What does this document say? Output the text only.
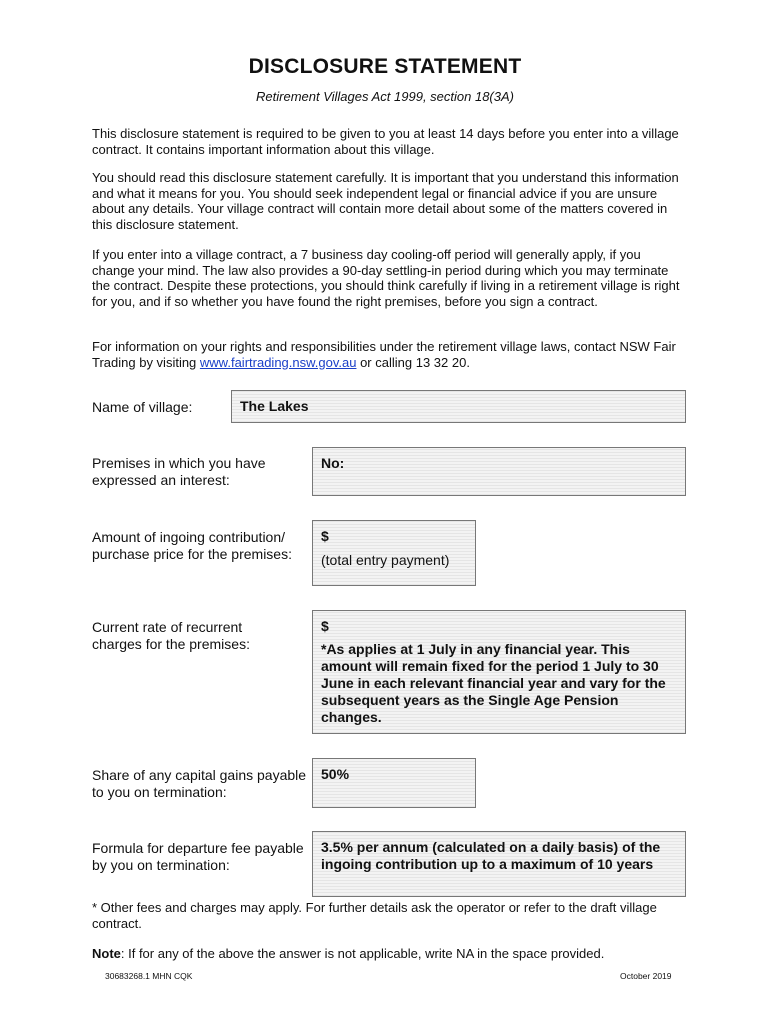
DISCLOSURE STATEMENT
Retirement Villages Act 1999, section 18(3A)

This disclosure statement is required to be given to you at least 14 days before you enter into a village contract. It contains important information about this village.

You should read this disclosure statement carefully. It is important that you understand this information and what it means for you. You should seek independent legal or financial advice if you are unsure about any details. Your village contract will contain more detail about some of the matters covered in this disclosure statement.

If you enter into a village contract, a 7 business day cooling-off period will generally apply, if you change your mind. The law also provides a 90-day settling-in period during which you may terminate the contract. Despite these protections, you should think carefully if living in a retirement village is right for you, and if so whether you have found the right premises, before you sign a contract.

For information on your rights and responsibilities under the retirement village laws, contact NSW Fair Trading by visiting www.fairtrading.nsw.gov.au or calling 13 32 20.

Name of village:	The Lakes

Premises in which you have expressed an interest:

No:

Amount of ingoing contribution/ purchase price for the premises:

$
(total entry payment)

Current rate of recurrent charges for the premises:

$
*As applies at 1 July in any financial year. This amount will remain fixed for the period 1 July to 30 June in each relevant financial year and vary for the subsequent years as the Single Age Pension changes.

Share of any capital gains payable to you on termination:

50%

Formula for departure fee payable by you on termination:

3.5% per annum (calculated on a daily basis) of the ingoing contribution up to a maximum of 10 years

* Other fees and charges may apply. For further details ask the operator or refer to the draft village contract.

Note: If for any of the above the answer is not applicable, write NA in the space provided.

30683268.1 MHN CQK	October 2019
